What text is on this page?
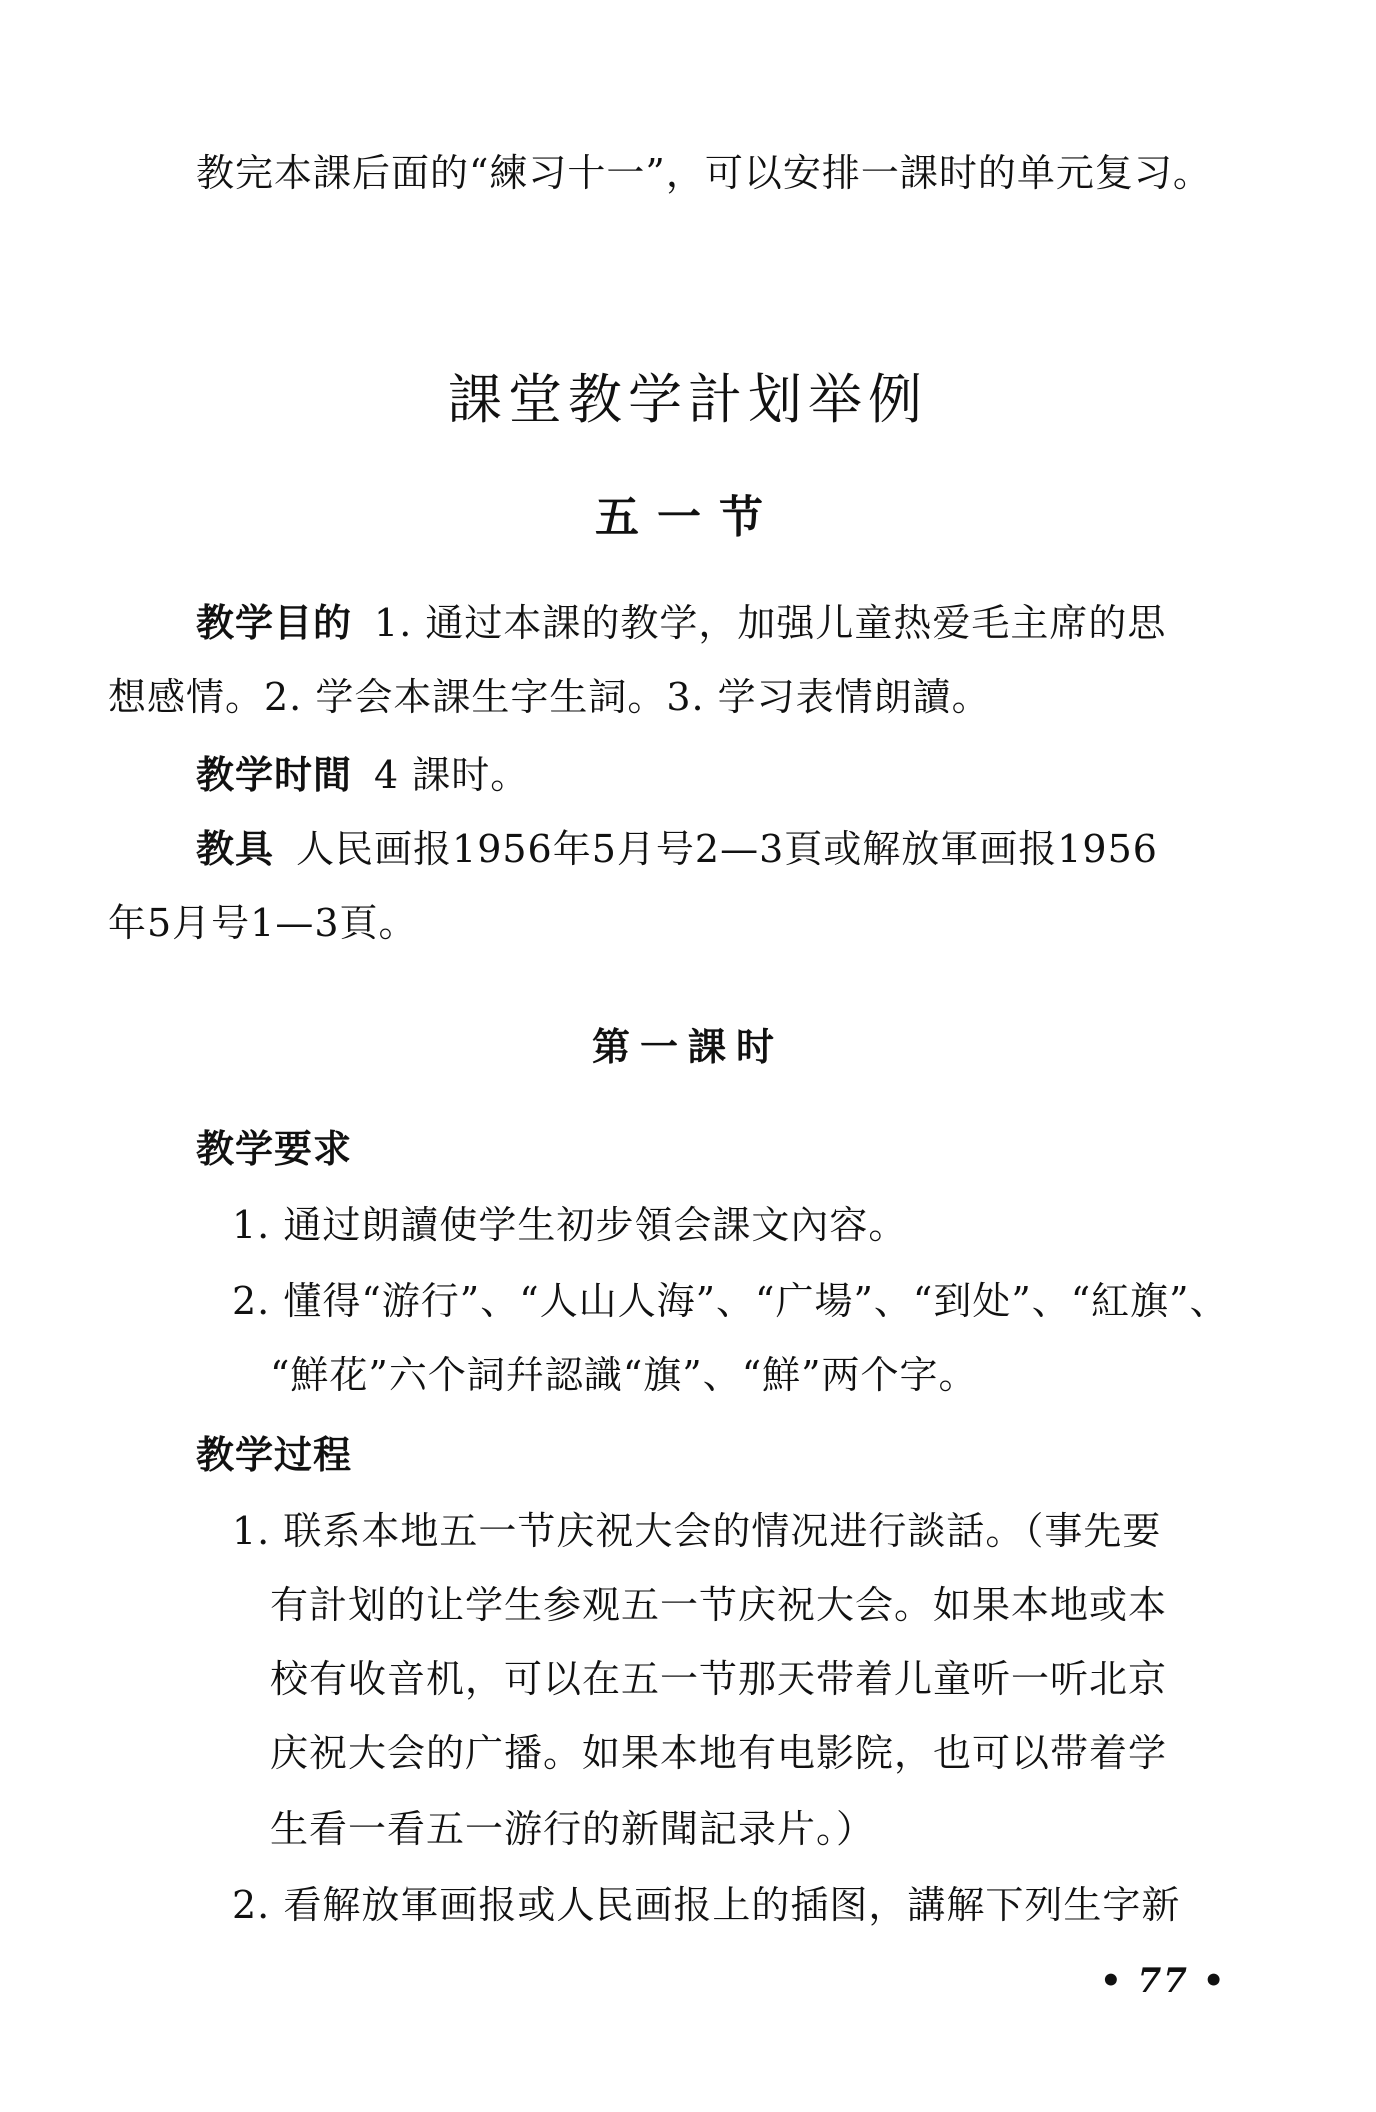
教完本課后面的“練习十一”，可以安排一課时的单元复习。
課堂教学計划举例
五一节
教学目的 1. 通过本課的教学，加强儿童热爱毛主席的思
想感情。2. 学会本課生字生詞。3. 学习表情朗讀。
教学时間 4 課时。
教具 人民画报1956年5月号2—3頁或解放軍画报1956
年5月号1—3頁。
第一課时
教学要求
1. 通过朗讀使学生初步領会課文內容。
2. 懂得“游行”、“人山人海”、“广場”、“到处”、“紅旗”、
“鮮花”六个詞幷認識“旗”、“鮮”两个字。
教学过程
1. 联系本地五一节庆祝大会的情况进行談話。（事先要
有計划的让学生参观五一节庆祝大会。如果本地或本
校有收音机，可以在五一节那天带着儿童听一听北京
庆祝大会的广播。如果本地有电影院，也可以带着学
生看一看五一游行的新聞記录片。）
2. 看解放軍画报或人民画报上的插图，講解下列生字新
• 77 •
